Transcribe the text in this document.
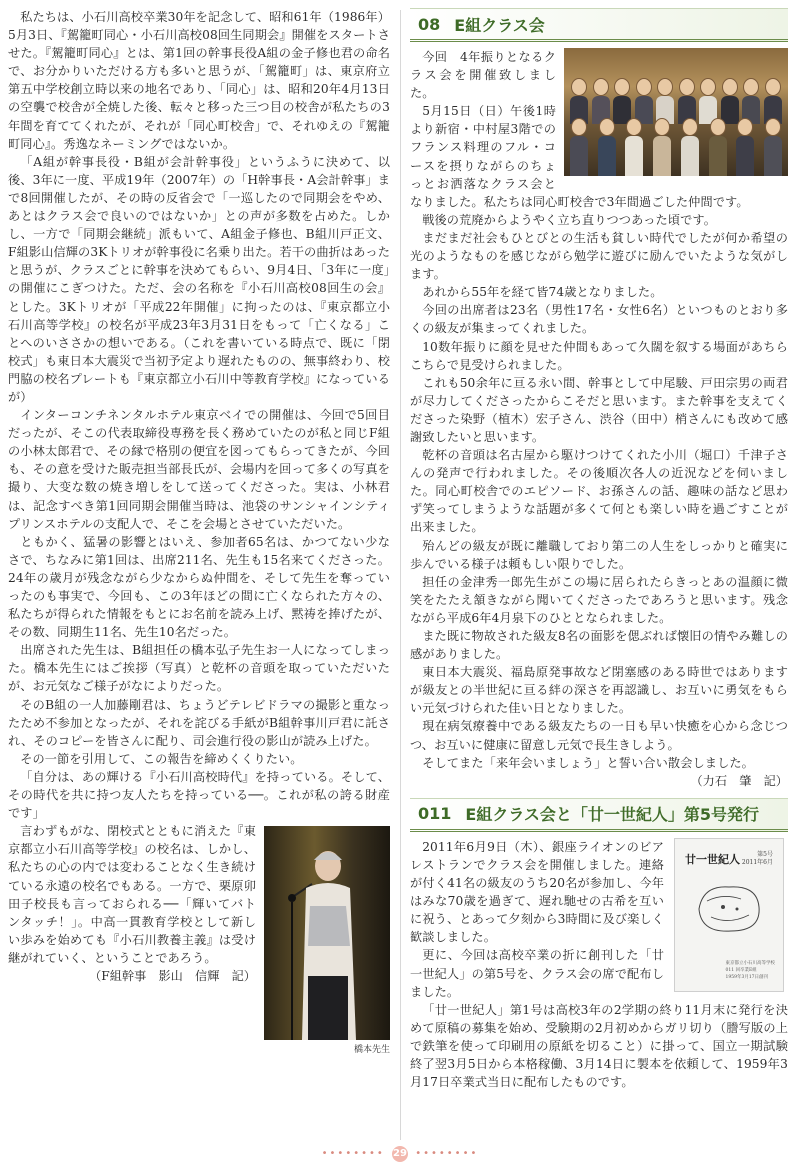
私たちは、小石川高校卒業30年を記念して、昭和61年（1986年）5月3日、『駕籠町同心・小石川高校08回生同期会』開催をスタートさせた。『駕籠町同心』とは、第1回の幹事長役A組の金子修也君の命名で、お分かりいただける方も多いと思うが、「駕籠町」は、東京府立第五中学校創立時以来の地名であり、「同心」は、昭和20年4月13日の空襲で校舎が全焼した後、転々と移った三つ目の校舎が私たちの3年間を育ててくれたが、それが「同心町校舎」で、それゆえの『駕籠町同心』。秀逸なネーミングではないか。

「A組が幹事長役・B組が会計幹事役」というふうに決めて、以後、3年に一度、平成19年（2007年）の「H幹事長・A会計幹事」まで8回開催したが、その時の反省会で「一巡したので同期会をやめ、あとはクラス会で良いのではないか」との声が多数を占めた。しかし、一方で「同期会継続」派もいて、A組金子修也、B組川戸正文、F組影山信輝の3Kトリオが幹事役に名乗り出た。若干の曲折はあったと思うが、クラスごとに幹事を決めてもらい、9月4日、「3年に一度」の開催にこぎつけた。ただ、会の名称を『小石川高校08回生の会』とした。3Kトリオが「平成22年開催」に拘ったのは、『東京都立小石川高等学校』の校名が平成23年3月31日をもって「亡くなる」ことへのいささかの想いである。（これを書いている時点で、既に「閉校式」も東日本大震災で当初予定より遅れたものの、無事終わり、校門脇の校名プレートも『東京都立小石川中等教育学校』になっているが）

インターコンチネンタルホテル東京ベイでの開催は、今回で5回目だったが、そこの代表取締役専務を長く務めていたのが私と同じF組の小林太郎君で、その縁で格別の便宜を図ってもらってきたが、今回も、その意を受けた販売担当部長氏が、会場内を回って多くの写真を撮り、大变な数の焼き増しをして送ってくださった。実は、小林君は、記念すべき第1回同期会開催当時は、池袋のサンシャインシティプリンスホテルの支配人で、そこを会場とさせていただいた。

ともかく、猛暑の影響とはいえ、参加者65名は、かつてない少なさで、ちなみに第1回は、出席211名、先生も15名来てくださった。24年の歳月が残念ながら少なからぬ仲間を、そして先生を奪っていったのも事実で、今回も、この3年ほどの間に亡くなられた方々の、私たちが得られた情報をもとにお名前を読み上げ、黙祷を捧げたが、その数、同期生11名、先生10名だった。

出席された先生は、B組担任の橋本弘子先生お一人になってしまった。橋本先生にはご挨拶（写真）と乾杯の音頭を取っていただいたが、お元気なご様子がなによりだった。

そのB組の一人加藤剛君は、ちょうどテレビドラマの撮影と重なったため不参加となったが、それを詫びる手紙がB組幹事川戸君に託され、そのコピーを皆さんに配り、司会進行役の影山が読み上げた。

その一節を引用して、この報告を締めくくりたい。

「自分は、あの輝ける『小石川高校時代』を持っている。そして、その時代を共に持つ友人たちを持っている──。これが私の誇る財産です」

橋本先生

言わずもがな、閉校式とともに消えた『東京都立小石川高等学校』の校名は、しかし、私たちの心の内では変わることなく生き続けている永遠の校名でもある。一方で、栗原卯田子校長も言っておられる──「輝いてバトンタッチ！」。中高一貫教育学校として新しい歩みを始めても『小石川教養主義』は受け継がれていく、ということであろう。

（F組幹事　影山　信輝　記）
08 E組クラス会

今回　4年振りとなるクラス会を開催致しました。

5月15日（日）午後1時より新宿・中村屋3階でのフランス料理のフル・コースを摂りながらのちょっとお洒落なクラス会となりました。私たちは同心町校舎で3年間過ごした仲間です。

戦後の荒廃からようやく立ち直りつつあった頃です。

まだまだ社会もひとびとの生活も貧しい時代でしたが何か希望の光のようなものを感じながら勉学に遊びに励んでいたような気がします。

あれから55年を経て皆74歳となりました。

今回の出席者は23名（男性17名・女性6名）といつものとおり多くの級友が集まってくれました。

10数年振りに顔を見せた仲間もあって久闊を叙する場面があちらこちらで見受けられました。

これも50余年に亘る永い間、幹事として中尾駿、戸田宗男の両君が尽力してくださったからこそだと思います。また幹事を支えてくださった染野（植木）宏子さん、渋谷（田中）梢さんにも改めて感謝致したいと思います。

乾杯の音頭は名古屋から駆けつけてくれた小川（堀口）千津子さんの発声で行われました。その後順次各人の近況などを伺いました。同心町校舎でのエピソード、お孫さんの話、趣味の話など思わず笑ってしまうような話題が多くて何とも楽しい時を過ごすことが出来ました。

殆んどの級友が既に離職しており第二の人生をしっかりと確実に歩んでいる様子は頼もしい限りでした。

担任の金津秀一郎先生がこの場に居られたらきっとあの温顔に微笑をたたえ頷きながら聞いてくださったであろうと思います。残念ながら平成6年4月泉下のひととなられました。

また既に物故された級友8名の面影を偲ぶれば懐旧の情やみ難しの感がありました。

東日本大震災、福島原発事故など閉塞感のある時世ではありますが級友との半世紀に亘る絆の深さを再認識し、お互いに勇気をもらい元気づけられた佳い日となりました。

現在病気療養中である級友たちの一日も早い快癒を心から念じつつ、お互いに健康に留意し元気で長生きしよう。

そしてまた「来年会いましょう」と誓い合い散会しました。

（力石　肇　記）
011 E組クラス会と「廿一世紀人」第5号発行
廿一世紀人	第5号
2011年6月
東京都立小石川高等学校
011 回卒業E組
1959年3月17日創刊

2011年6月9日（木）、銀座ライオンのビアレストランでクラス会を開催しました。連絡が付く41名の級友のうち20名が参加し、今年はみな70歳を過ぎて、遅れ馳せの古希を互いに祝う、とあって夕刻から3時間に及び楽しく歓談しました。

更に、今回は高校卒業の折に創刊した「廿一世紀人」の第5号を、クラス会の席で配布しました。

「廿一世紀人」第1号は高校3年の2学期の終り11月末に発行を決めて原稿の募集を始め、受験期の2月初めからガリ切り（謄写版の上で鉄筆を使って印刷用の原紙を切ること）に掛って、国立一期試験終了翌3月5日から本格稼働、3月14日に製本を依頼して、1959年3月17日卒業式当日に配布したものです。

•••••••• 29 ••••••••
